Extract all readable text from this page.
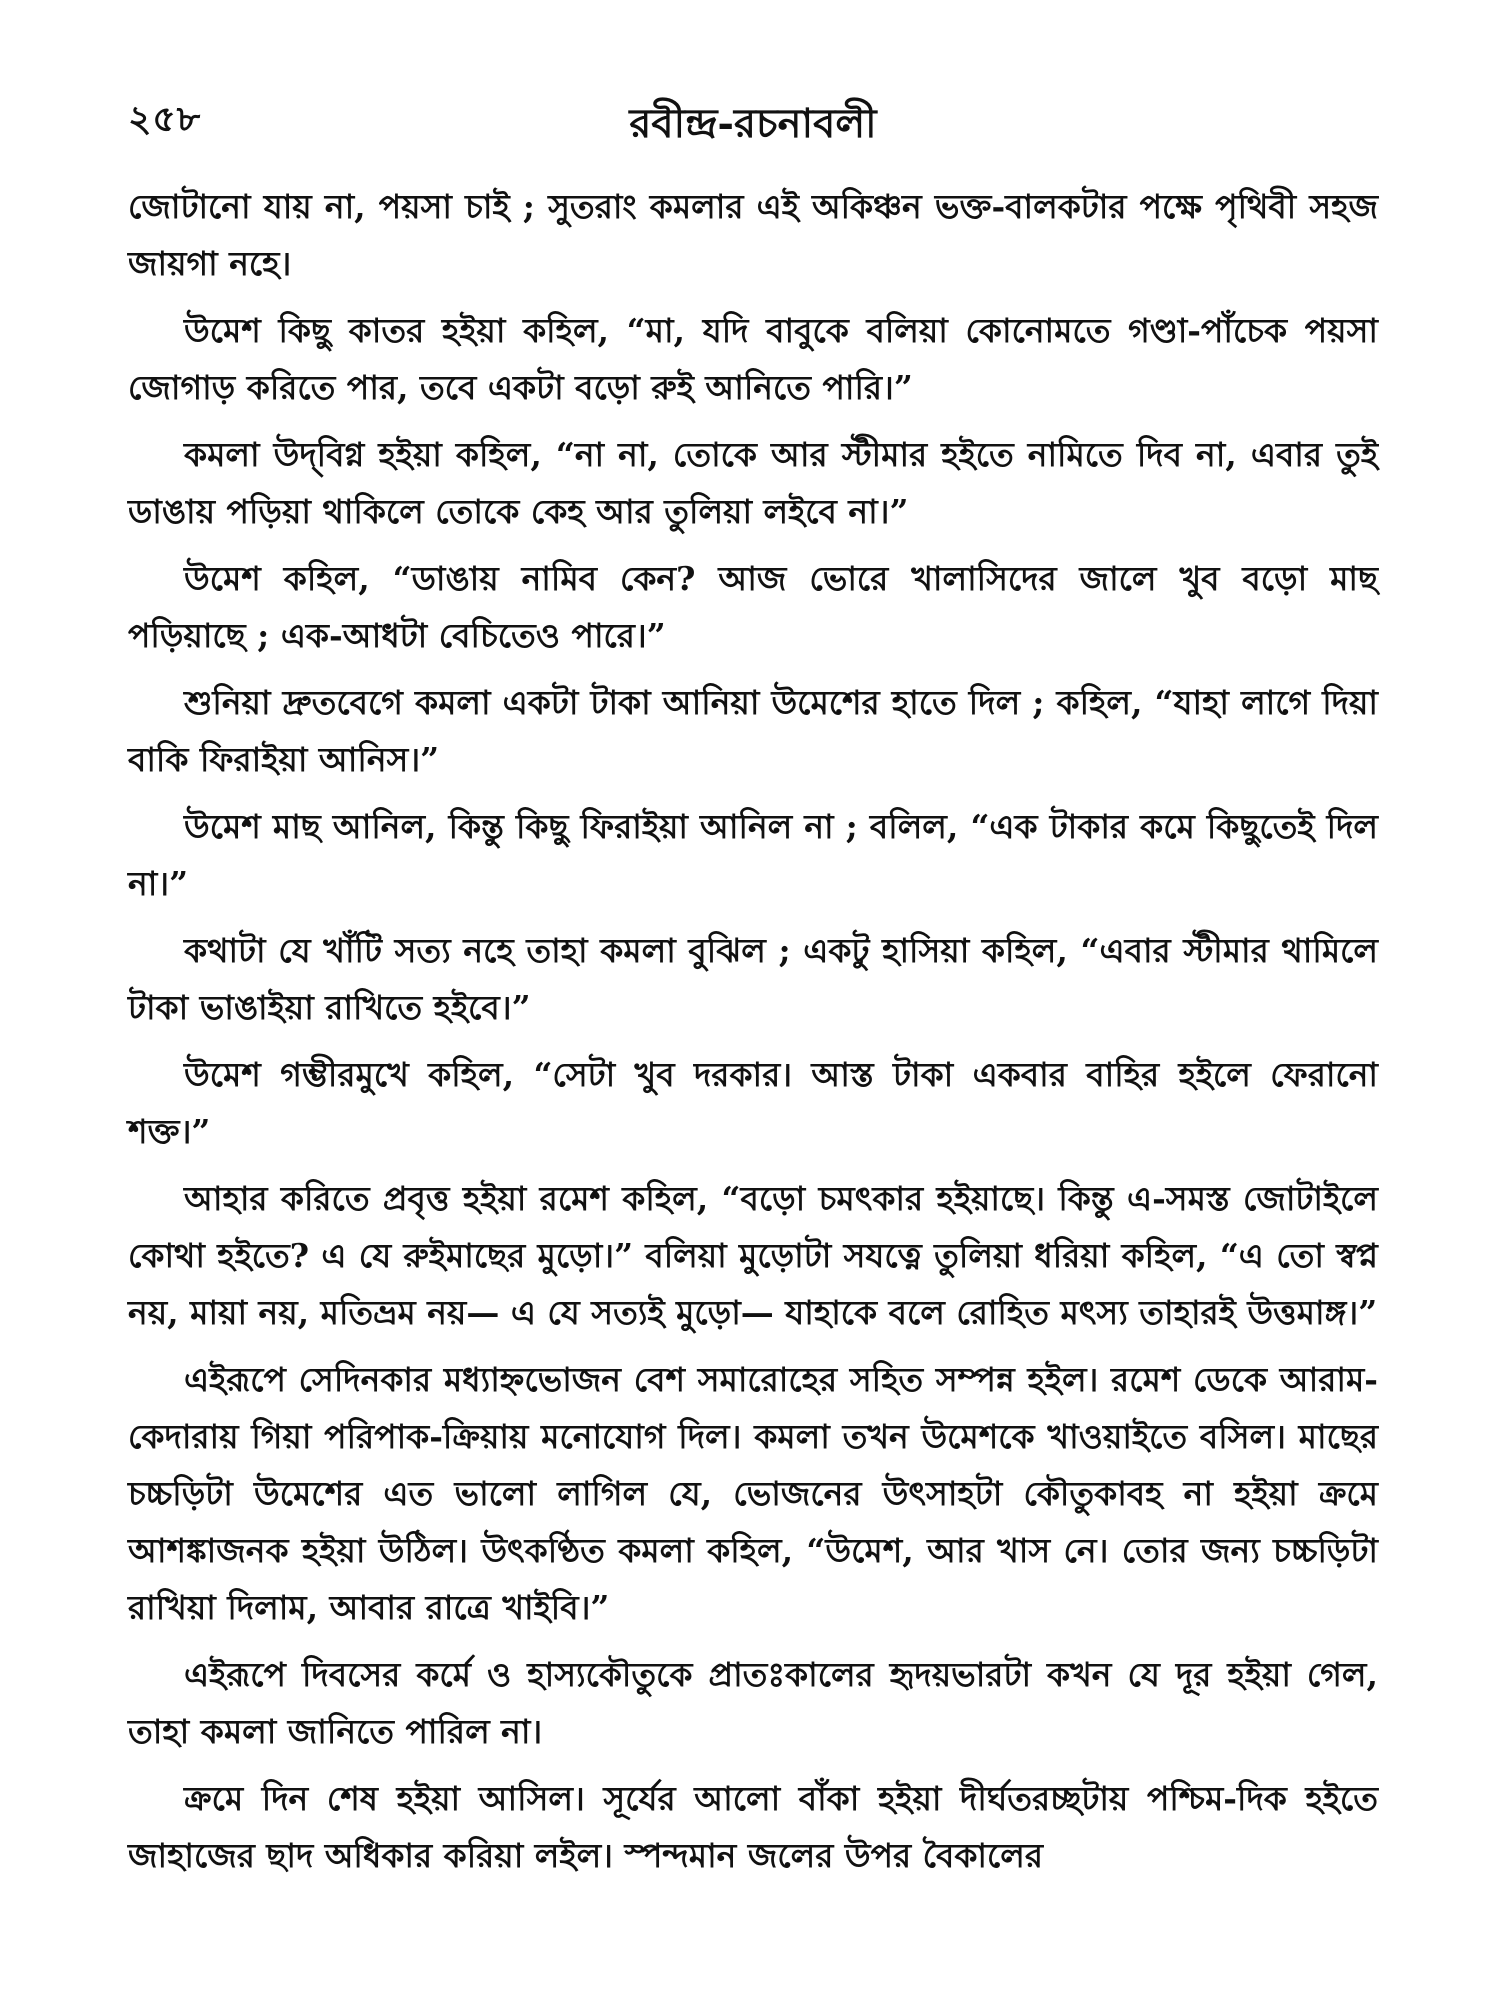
২৫৮	রবীন্দ্র-রচনাবলী

জোটানো যায় না, পয়সা চাই ; সুতরাং কমলার এই অকিঞ্চন ভক্ত-বালকটার পক্ষে পৃথিবী সহজ জায়গা নহে।

উমেশ কিছু কাতর হইয়া কহিল, “মা, যদি বাবুকে বলিয়া কোনোমতে গণ্ডা-পাঁচেক পয়সা জোগাড় করিতে পার, তবে একটা বড়ো রুই আনিতে পারি।”

কমলা উদ্‌বিগ্ন হইয়া কহিল, “না না, তোকে আর স্টীমার হইতে নামিতে দিব না, এবার তুই ডাঙায় পড়িয়া থাকিলে তোকে কেহ আর তুলিয়া লইবে না।”

উমেশ কহিল, “ডাঙায় নামিব কেন? আজ ভোরে খালাসিদের জালে খুব বড়ো মাছ পড়িয়াছে ; এক-আধটা বেচিতেও পারে।”

শুনিয়া দ্রুতবেগে কমলা একটা টাকা আনিয়া উমেশের হাতে দিল ; কহিল, “যাহা লাগে দিয়া বাকি ফিরাইয়া আনিস।”

উমেশ মাছ আনিল, কিন্তু কিছু ফিরাইয়া আনিল না ; বলিল, “এক টাকার কমে কিছুতেই দিল না।”

কথাটা যে খাঁটি সত্য নহে তাহা কমলা বুঝিল ; একটু হাসিয়া কহিল, “এবার স্টীমার থামিলে টাকা ভাঙাইয়া রাখিতে হইবে।”

উমেশ গম্ভীরমুখে কহিল, “সেটা খুব দরকার। আস্ত টাকা একবার বাহির হইলে ফেরানো শক্ত।”

আহার করিতে প্রবৃত্ত হইয়া রমেশ কহিল, “বড়ো চমৎকার হইয়াছে। কিন্তু এ-সমস্ত জোটাইলে কোথা হইতে? এ যে রুইমাছের মুড়ো।” বলিয়া মুড়োটা সযত্নে তুলিয়া ধরিয়া কহিল, “এ তো স্বপ্ন নয়, মায়া নয়, মতিভ্রম নয়— এ যে সত্যই মুড়ো— যাহাকে বলে রোহিত মৎস্য তাহারই উত্তমাঙ্গ।”

এইরূপে সেদিনকার মধ্যাহ্নভোজন বেশ সমারোহের সহিত সম্পন্ন হইল। রমেশ ডেকে আরাম-কেদারায় গিয়া পরিপাক-ক্রিয়ায় মনোযোগ দিল। কমলা তখন উমেশকে খাওয়াইতে বসিল। মাছের চচ্চড়িটা উমেশের এত ভালো লাগিল যে, ভোজনের উৎসাহটা কৌতুকাবহ না হইয়া ক্রমে আশঙ্কাজনক হইয়া উঠিল। উৎকণ্ঠিত কমলা কহিল, “উমেশ, আর খাস নে। তোর জন্য চচ্চড়িটা রাখিয়া দিলাম, আবার রাত্রে খাইবি।”

এইরূপে দিবসের কর্মে ও হাস্যকৌতুকে প্রাতঃকালের হৃদয়ভারটা কখন যে দূর হইয়া গেল, তাহা কমলা জানিতে পারিল না।

ক্রমে দিন শেষ হইয়া আসিল। সূর্যের আলো বাঁকা হইয়া দীর্ঘতরচ্ছটায় পশ্চিম-দিক হইতে জাহাজের ছাদ অধিকার করিয়া লইল। স্পন্দমান জলের উপর বৈকালের
